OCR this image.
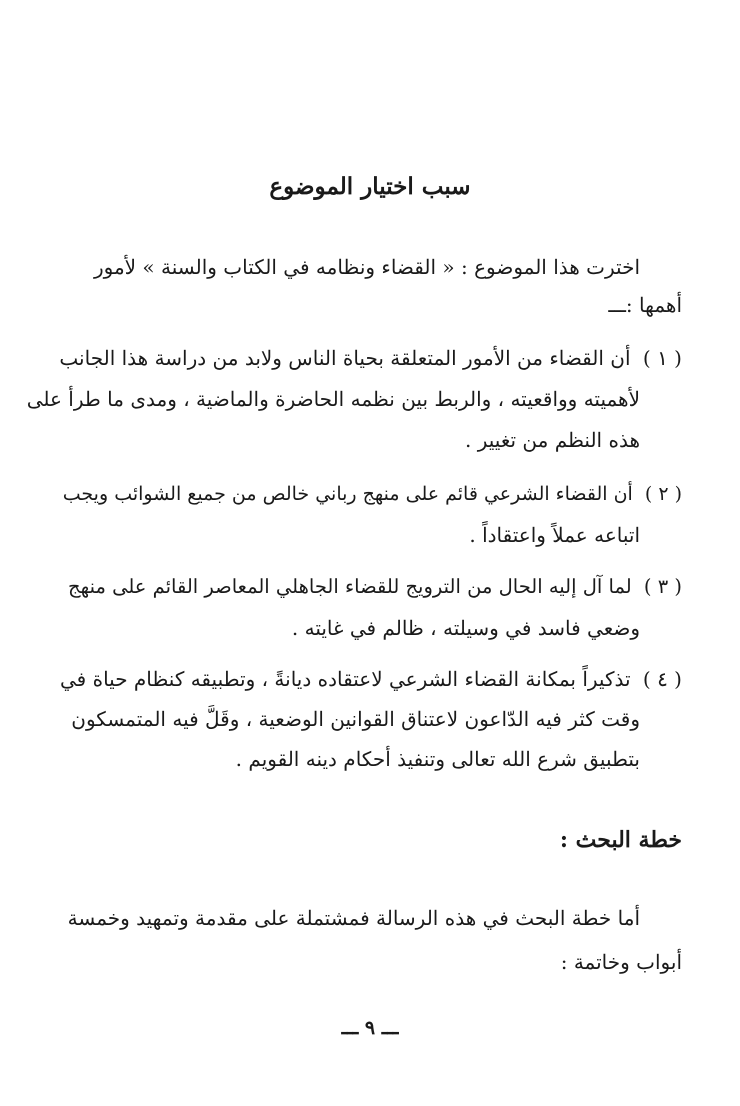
سبب اختيار الموضوع
اخترت هذا الموضوع : « القضاء ونظامه في الكتاب والسنة » لأمور
أهمها :ـــ
( ١ ) أن القضاء من الأمور المتعلقة بحياة الناس ولابد من دراسة هذا الجانب
لأهميته وواقعيته ، والربط بين نظمه الحاضرة والماضية ، ومدى ما طرأ على
هذه النظم من تغيير .
( ٢ ) أن القضاء الشرعي قائم على منهج رباني خالص من جميع الشوائب ويجب
اتباعه عملاً واعتقاداً .
( ٣ ) لما آل إليه الحال من الترويج للقضاء الجاهلي المعاصر القائم على منهج
وضعي فاسد في وسيلته ، ظالم في غايته .
( ٤ ) تذكيراً بمكانة القضاء الشرعي لاعتقاده ديانةً ، وتطبيقه كنظام حياة في
وقت كثر فيه الدّاعون لاعتناق القوانين الوضعية ، وقَلَّ فيه المتمسكون
بتطبيق شرع الله تعالى وتنفيذ أحكام دينه القويم .
خطة البحث :
أما خطة البحث في هذه الرسالة فمشتملة على مقدمة وتمهيد وخمسة
أبواب وخاتمة :
ـــ ٩ ـــ
